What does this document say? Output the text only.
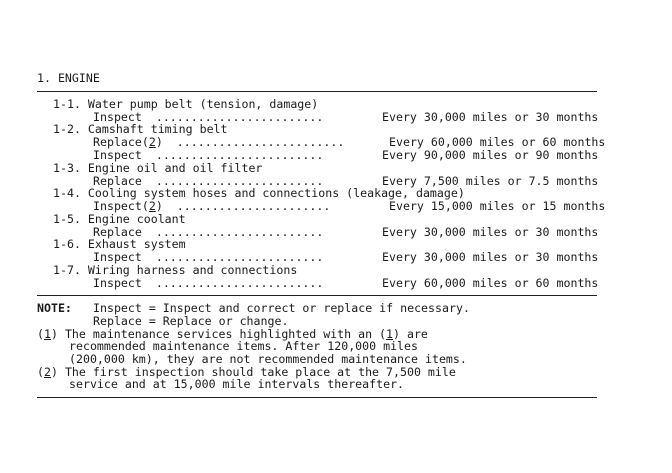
1. ENGINE
1-1. Water pump belt (tension, damage)
Inspect ........................	Every 30,000 miles or 30 months
1-2. Camshaft timing belt
Replace(2)  ........................	Every 60,000 miles or 60 months
Inspect ........................	Every 90,000 miles or 90 months
1-3. Engine oil and oil filter
Replace ........................	Every 7,500 miles or 7.5 months
1-4. Cooling system hoses and connections (leakage, damage)
Inspect(2)  ......................	Every 15,000 miles or 15 months
1-5. Engine coolant
Replace ........................	Every 30,000 miles or 30 months
1-6. Exhaust system
Inspect ........................	Every 30,000 miles or 30 months
1-7. Wiring harness and connections
Inspect ........................	Every 60,000 miles or 60 months
NOTE: Inspect = Inspect and correct or replace if necessary.
Replace = Replace or change.
(1) The maintenance services highlighted with an (1) are
recommended maintenance items. After 120,000 miles
(200,000 km), they are not recommended maintenance items.
(2) The first inspection should take place at the 7,500 mile
service and at 15,000 mile intervals thereafter.
